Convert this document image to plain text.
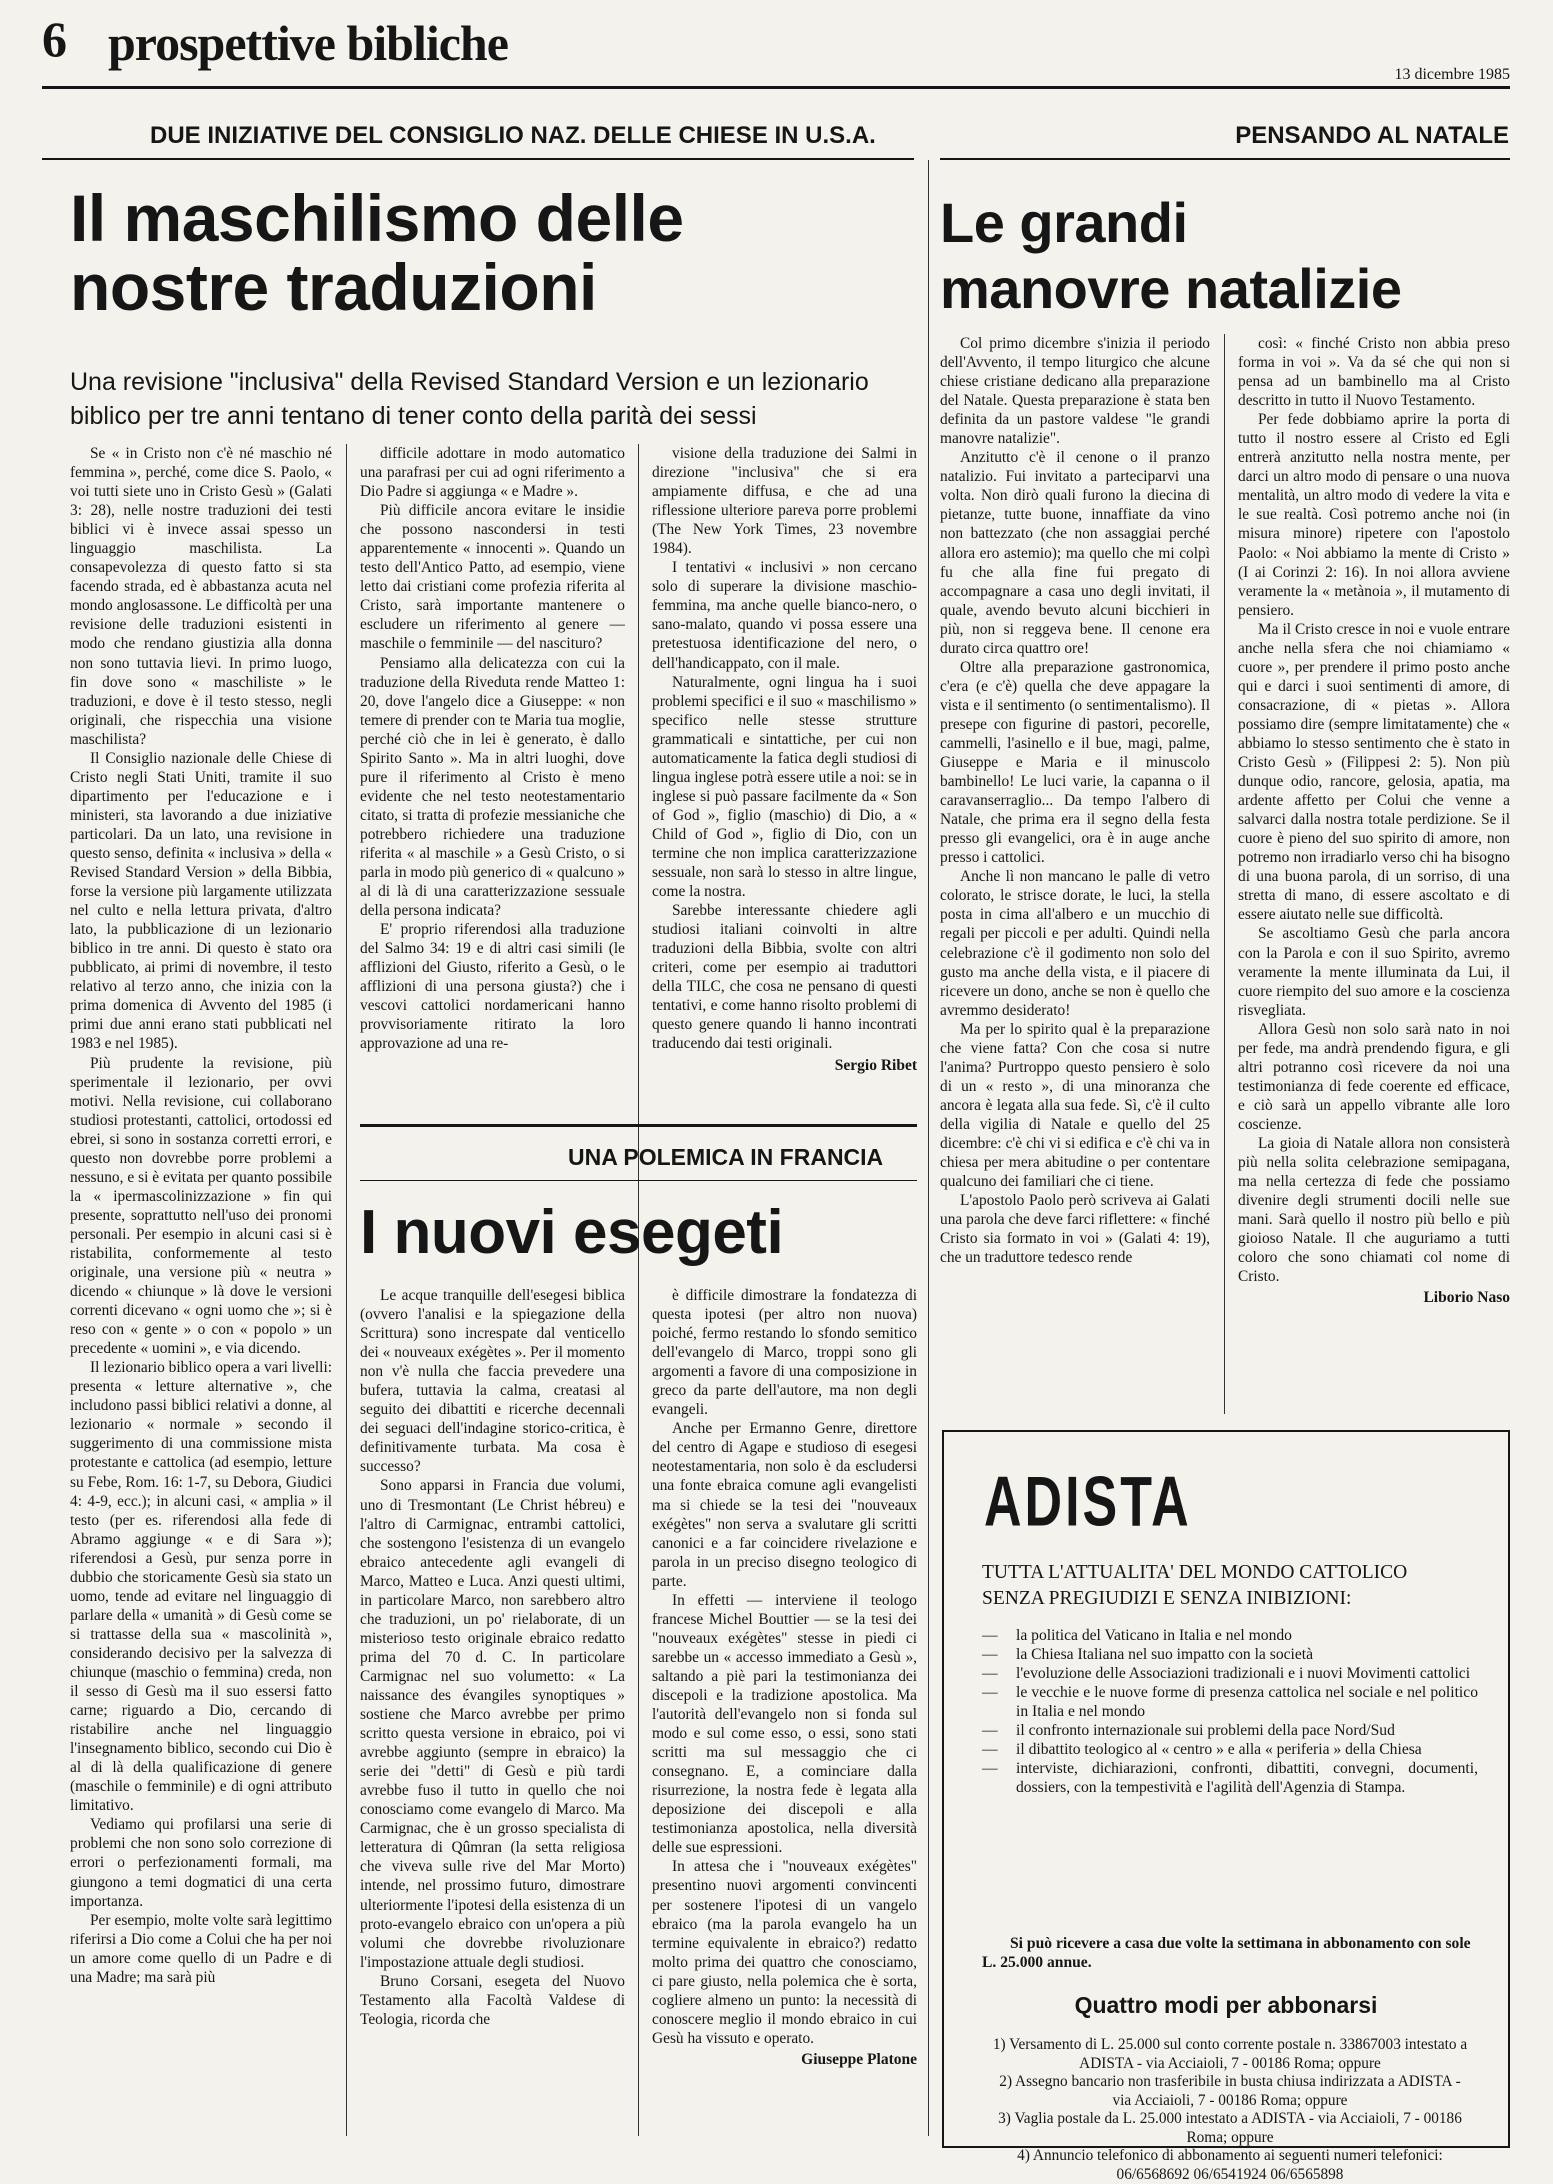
6 prospettive bibliche
13 dicembre 1985
DUE INIZIATIVE DEL CONSIGLIO NAZ. DELLE CHIESE IN U.S.A.	PENSANDO AL NATALE
Il maschilismo delle
nostre traduzioni
Una revisione "inclusiva" della Revised Standard Version e un lezionario biblico per tre anni tentano di tener conto della parità dei sessi

Se « in Cristo non c'è né maschio né femmina », perché, come dice S. Paolo, « voi tutti siete uno in Cristo Gesù » (Galati 3: 28), nelle nostre traduzioni dei testi biblici vi è invece assai spesso un linguaggio maschilista. La consapevolezza di questo fatto si sta facendo strada, ed è abbastanza acuta nel mondo anglosassone. Le difficoltà per una revisione delle traduzioni esistenti in modo che rendano giustizia alla donna non sono tuttavia lievi. In primo luogo, fin dove sono « maschiliste » le traduzioni, e dove è il testo stesso, negli originali, che rispecchia una visione maschilista?

Il Consiglio nazionale delle Chiese di Cristo negli Stati Uniti, tramite il suo dipartimento per l'educazione e i ministeri, sta lavorando a due iniziative particolari. Da un lato, una revisione in questo senso, definita « inclusiva » della « Revised Standard Version » della Bibbia, forse la versione più largamente utilizzata nel culto e nella lettura privata, d'altro lato, la pubblicazione di un lezionario biblico in tre anni. Di questo è stato ora pubblicato, ai primi di novembre, il testo relativo al terzo anno, che inizia con la prima domenica di Avvento del 1985 (i primi due anni erano stati pubblicati nel 1983 e nel 1985).

Più prudente la revisione, più sperimentale il lezionario, per ovvi motivi. Nella revisione, cui collaborano studiosi protestanti, cattolici, ortodossi ed ebrei, si sono in sostanza corretti errori, e questo non dovrebbe porre problemi a nessuno, e si è evitata per quanto possibile la « ipermascolinizzazione » fin qui presente, soprattutto nell'uso dei pronomi personali. Per esempio in alcuni casi si è ristabilita, conformemente al testo originale, una versione più « neutra » dicendo « chiunque » là dove le versioni correnti dicevano « ogni uomo che »; si è reso con « gente » o con « popolo » un precedente « uomini », e via dicendo.

Il lezionario biblico opera a vari livelli: presenta « letture alternative », che includono passi biblici relativi a donne, al lezionario « normale » secondo il suggerimento di una commissione mista protestante e cattolica (ad esempio, letture su Febe, Rom. 16: 1-7, su Debora, Giudici 4: 4-9, ecc.); in alcuni casi, « amplia » il testo (per es. riferendosi alla fede di Abramo aggiunge « e di Sara »); riferendosi a Gesù, pur senza porre in dubbio che storicamente Gesù sia stato un uomo, tende ad evitare nel linguaggio di parlare della « umanità » di Gesù come se si trattasse della sua « mascolinità », considerando decisivo per la salvezza di chiunque (maschio o femmina) creda, non il sesso di Gesù ma il suo essersi fatto carne; riguardo a Dio, cercando di ristabilire anche nel linguaggio l'insegnamento biblico, secondo cui Dio è al di là della qualificazione di genere (maschile o femminile) e di ogni attributo limitativo.

Vediamo qui profilarsi una serie di problemi che non sono solo correzione di errori o perfezionamenti formali, ma giungono a temi dogmatici di una certa importanza.

Per esempio, molte volte sarà legittimo riferirsi a Dio come a Colui che ha per noi un amore come quello di un Padre e di una Madre; ma sarà più

difficile adottare in modo automatico una parafrasi per cui ad ogni riferimento a Dio Padre si aggiunga « e Madre ».

Più difficile ancora evitare le insidie che possono nascondersi in testi apparentemente « innocenti ». Quando un testo dell'Antico Patto, ad esempio, viene letto dai cristiani come profezia riferita al Cristo, sarà importante mantenere o escludere un riferimento al genere — maschile o femminile — del nascituro?

Pensiamo alla delicatezza con cui la traduzione della Riveduta rende Matteo 1: 20, dove l'angelo dice a Giuseppe: « non temere di prender con te Maria tua moglie, perché ciò che in lei è generato, è dallo Spirito Santo ». Ma in altri luoghi, dove pure il riferimento al Cristo è meno evidente che nel testo neotestamentario citato, si tratta di profezie messianiche che potrebbero richiedere una traduzione riferita « al maschile » a Gesù Cristo, o si parla in modo più generico di « qualcuno » al di là di una caratterizzazione sessuale della persona indicata?

E' proprio riferendosi alla traduzione del Salmo 34: 19 e di altri casi simili (le afflizioni del Giusto, riferito a Gesù, o le afflizioni di una persona giusta?) che i vescovi cattolici nordamericani hanno provvisoriamente ritirato la loro approvazione ad una re-

visione della traduzione dei Salmi in direzione "inclusiva" che si era ampiamente diffusa, e che ad una riflessione ulteriore pareva porre problemi (The New York Times, 23 novembre 1984).

I tentativi « inclusivi » non cercano solo di superare la divisione maschio-femmina, ma anche quelle bianco-nero, o sano-malato, quando vi possa essere una pretestuosa identificazione del nero, o dell'handicappato, con il male.

Naturalmente, ogni lingua ha i suoi problemi specifici e il suo « maschilismo » specifico nelle stesse strutture grammaticali e sintattiche, per cui non automaticamente la fatica degli studiosi di lingua inglese potrà essere utile a noi: se in inglese si può passare facilmente da « Son of God », figlio (maschio) di Dio, a « Child of God », figlio di Dio, con un termine che non implica caratterizzazione sessuale, non sarà lo stesso in altre lingue, come la nostra.

Sarebbe interessante chiedere agli studiosi italiani coinvolti in altre traduzioni della Bibbia, svolte con altri criteri, come per esempio ai traduttori della TILC, che cosa ne pensano di questi tentativi, e come hanno risolto problemi di questo genere quando li hanno incontrati traducendo dai testi originali.

Sergio Ribet
UNA POLEMICA IN FRANCIA
I nuovi esegeti

Le acque tranquille dell'esegesi biblica (ovvero l'analisi e la spiegazione della Scrittura) sono increspate dal venticello dei « nouveaux exégètes ». Per il momento non v'è nulla che faccia prevedere una bufera, tuttavia la calma, creatasi al seguito dei dibattiti e ricerche decennali dei seguaci dell'indagine storico-critica, è definitivamente turbata. Ma cosa è successo?

Sono apparsi in Francia due volumi, uno di Tresmontant (Le Christ hébreu) e l'altro di Carmignac, entrambi cattolici, che sostengono l'esistenza di un evangelo ebraico antecedente agli evangeli di Marco, Matteo e Luca. Anzi questi ultimi, in particolare Marco, non sarebbero altro che traduzioni, un po' rielaborate, di un misterioso testo originale ebraico redatto prima del 70 d. C. In particolare Carmignac nel suo volumetto: « La naissance des évangiles synoptiques » sostiene che Marco avrebbe per primo scritto questa versione in ebraico, poi vi avrebbe aggiunto (sempre in ebraico) la serie dei "detti" di Gesù e più tardi avrebbe fuso il tutto in quello che noi conosciamo come evangelo di Marco. Ma Carmignac, che è un grosso specialista di letteratura di Qûmran (la setta religiosa che viveva sulle rive del Mar Morto) intende, nel prossimo futuro, dimostrare ulteriormente l'ipotesi della esistenza di un proto-evangelo ebraico con un'opera a più volumi che dovrebbe rivoluzionare l'impostazione attuale degli studiosi.

Bruno Corsani, esegeta del Nuovo Testamento alla Facoltà Valdese di Teologia, ricorda che

è difficile dimostrare la fondatezza di questa ipotesi (per altro non nuova) poiché, fermo restando lo sfondo semitico dell'evangelo di Marco, troppi sono gli argomenti a favore di una composizione in greco da parte dell'autore, ma non degli evangeli.

Anche per Ermanno Genre, direttore del centro di Agape e studioso di esegesi neotestamentaria, non solo è da escludersi una fonte ebraica comune agli evangelisti ma si chiede se la tesi dei "nouveaux exégètes" non serva a svalutare gli scritti canonici e a far coincidere rivelazione e parola in un preciso disegno teologico di parte.

In effetti — interviene il teologo francese Michel Bouttier — se la tesi dei "nouveaux exégètes" stesse in piedi ci sarebbe un « accesso immediato a Gesù », saltando a piè pari la testimonianza dei discepoli e la tradizione apostolica. Ma l'autorità dell'evangelo non si fonda sul modo e sul come esso, o essi, sono stati scritti ma sul messaggio che ci consegnano. E, a cominciare dalla risurrezione, la nostra fede è legata alla deposizione dei discepoli e alla testimonianza apostolica, nella diversità delle sue espressioni.

In attesa che i "nouveaux exégètes" presentino nuovi argomenti convincenti per sostenere l'ipotesi di un vangelo ebraico (ma la parola evangelo ha un termine equivalente in ebraico?) redatto molto prima dei quattro che conosciamo, ci pare giusto, nella polemica che è sorta, cogliere almeno un punto: la necessità di conoscere meglio il mondo ebraico in cui Gesù ha vissuto e operato.

Giuseppe Platone
Le grandi
manovre natalizie

Col primo dicembre s'inizia il periodo dell'Avvento, il tempo liturgico che alcune chiese cristiane dedicano alla preparazione del Natale. Questa preparazione è stata ben definita da un pastore valdese "le grandi manovre natalizie".

Anzitutto c'è il cenone o il pranzo natalizio. Fui invitato a parteciparvi una volta. Non dirò quali furono la diecina di pietanze, tutte buone, innaffiate da vino non battezzato (che non assaggiai perché allora ero astemio); ma quello che mi colpì fu che alla fine fui pregato di accompagnare a casa uno degli invitati, il quale, avendo bevuto alcuni bicchieri in più, non si reggeva bene. Il cenone era durato circa quattro ore!

Oltre alla preparazione gastronomica, c'era (e c'è) quella che deve appagare la vista e il sentimento (o sentimentalismo). Il presepe con figurine di pastori, pecorelle, cammelli, l'asinello e il bue, magi, palme, Giuseppe e Maria e il minuscolo bambinello! Le luci varie, la capanna o il caravanserraglio... Da tempo l'albero di Natale, che prima era il segno della festa presso gli evangelici, ora è in auge anche presso i cattolici.

Anche lì non mancano le palle di vetro colorato, le strisce dorate, le luci, la stella posta in cima all'albero e un mucchio di regali per piccoli e per adulti. Quindi nella celebrazione c'è il godimento non solo del gusto ma anche della vista, e il piacere di ricevere un dono, anche se non è quello che avremmo desiderato!

Ma per lo spirito qual è la preparazione che viene fatta? Con che cosa si nutre l'anima? Purtroppo questo pensiero è solo di un « resto », di una minoranza che ancora è legata alla sua fede. Sì, c'è il culto della vigilia di Natale e quello del 25 dicembre: c'è chi vi si edifica e c'è chi va in chiesa per mera abitudine o per contentare qualcuno dei familiari che ci tiene.

L'apostolo Paolo però scriveva ai Galati una parola che deve farci riflettere: « finché Cristo sia formato in voi » (Galati 4: 19), che un traduttore tedesco rende

così: « finché Cristo non abbia preso forma in voi ». Va da sé che qui non si pensa ad un bambinello ma al Cristo descritto in tutto il Nuovo Testamento.

Per fede dobbiamo aprire la porta di tutto il nostro essere al Cristo ed Egli entrerà anzitutto nella nostra mente, per darci un altro modo di pensare o una nuova mentalità, un altro modo di vedere la vita e le sue realtà. Così potremo anche noi (in misura minore) ripetere con l'apostolo Paolo: « Noi abbiamo la mente di Cristo » (I ai Corinzi 2: 16). In noi allora avviene veramente la « metànoia », il mutamento di pensiero.

Ma il Cristo cresce in noi e vuole entrare anche nella sfera che noi chiamiamo « cuore », per prendere il primo posto anche qui e darci i suoi sentimenti di amore, di consacrazione, di « pietas ». Allora possiamo dire (sempre limitatamente) che « abbiamo lo stesso sentimento che è stato in Cristo Gesù » (Filippesi 2: 5). Non più dunque odio, rancore, gelosia, apatia, ma ardente affetto per Colui che venne a salvarci dalla nostra totale perdizione. Se il cuore è pieno del suo spirito di amore, non potremo non irradiarlo verso chi ha bisogno di una buona parola, di un sorriso, di una stretta di mano, di essere ascoltato e di essere aiutato nelle sue difficoltà.

Se ascoltiamo Gesù che parla ancora con la Parola e con il suo Spirito, avremo veramente la mente illuminata da Lui, il cuore riempito del suo amore e la coscienza risvegliata.

Allora Gesù non solo sarà nato in noi per fede, ma andrà prendendo figura, e gli altri potranno così ricevere da noi una testimonianza di fede coerente ed efficace, e ciò sarà un appello vibrante alle loro coscienze.

La gioia di Natale allora non consisterà più nella solita celebrazione semipagana, ma nella certezza di fede che possiamo divenire degli strumenti docili nelle sue mani. Sarà quello il nostro più bello e più gioioso Natale. Il che auguriamo a tutti coloro che sono chiamati col nome di Cristo.

Liborio Naso
ADISTA
TUTTA L'ATTUALITA' DEL MONDO CATTOLICO
SENZA PREGIUDIZI E SENZA INIBIZIONI:
— la politica del Vaticano in Italia e nel mondo
— la Chiesa Italiana nel suo impatto con la società
— l'evoluzione delle Associazioni tradizionali e i nuovi Movimenti cattolici
— le vecchie e le nuove forme di presenza cattolica nel sociale e nel politico in Italia e nel mondo
— il confronto internazionale sui problemi della pace Nord/Sud
— il dibattito teologico al « centro » e alla « periferia » della Chiesa
— interviste, dichiarazioni, confronti, dibattiti, convegni, documenti, dossiers, con la tempestività e l'agilità dell'Agenzia di Stampa.
Si può ricevere a casa due volte la settimana in abbonamento con sole L. 25.000 annue.
Quattro modi per abbonarsi
1) Versamento di L. 25.000 sul conto corrente postale n. 33867003 intestato a ADISTA - via Acciaioli, 7 - 00186 Roma; oppure
2) Assegno bancario non trasferibile in busta chiusa indirizzata a ADISTA - via Acciaioli, 7 - 00186 Roma; oppure
3) Vaglia postale da L. 25.000 intestato a ADISTA - via Acciaioli, 7 - 00186 Roma; oppure
4) Annuncio telefonico di abbonamento ai seguenti numeri telefonici: 06/6568692 06/6541924 06/6565898
